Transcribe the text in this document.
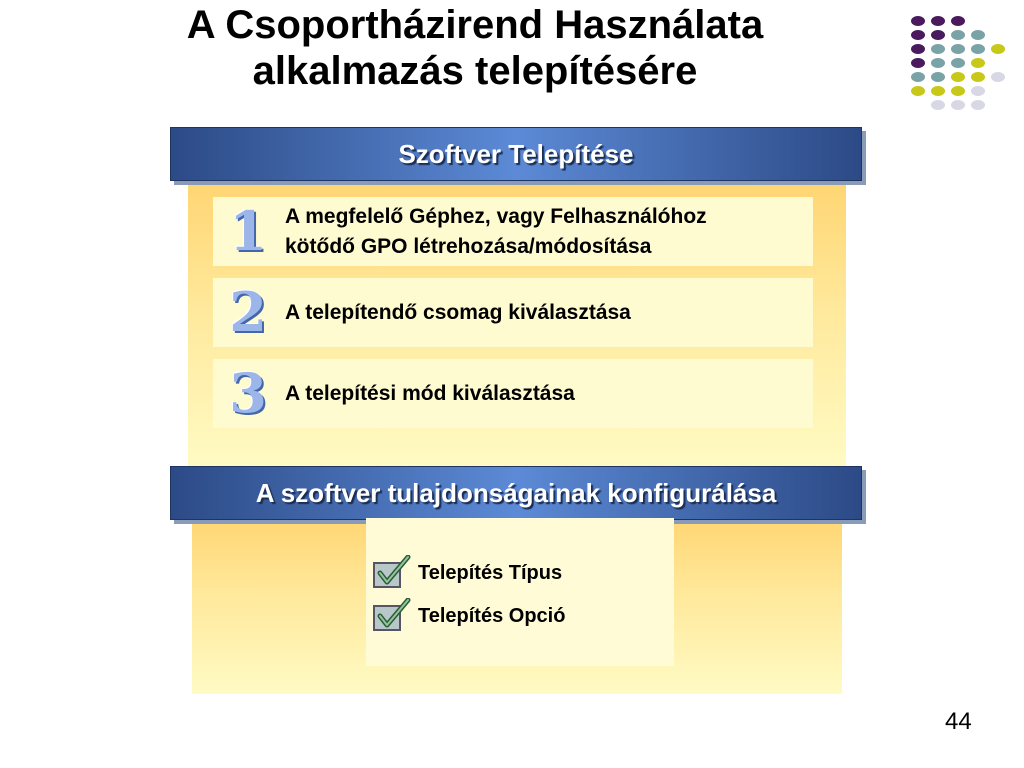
A Csoportházirend Használata
alkalmazás telepítésére
Szoftver Telepítése
1 A megfelelő Géphez, vagy Felhasználóhoz
kötődő GPO létrehozása/módosítása
2 A telepítendő csomag kiválasztása
3 A telepítési mód kiválasztása
A szoftver tulajdonságainak konfigurálása
Telepítés Típus
Telepítés Opció
44
